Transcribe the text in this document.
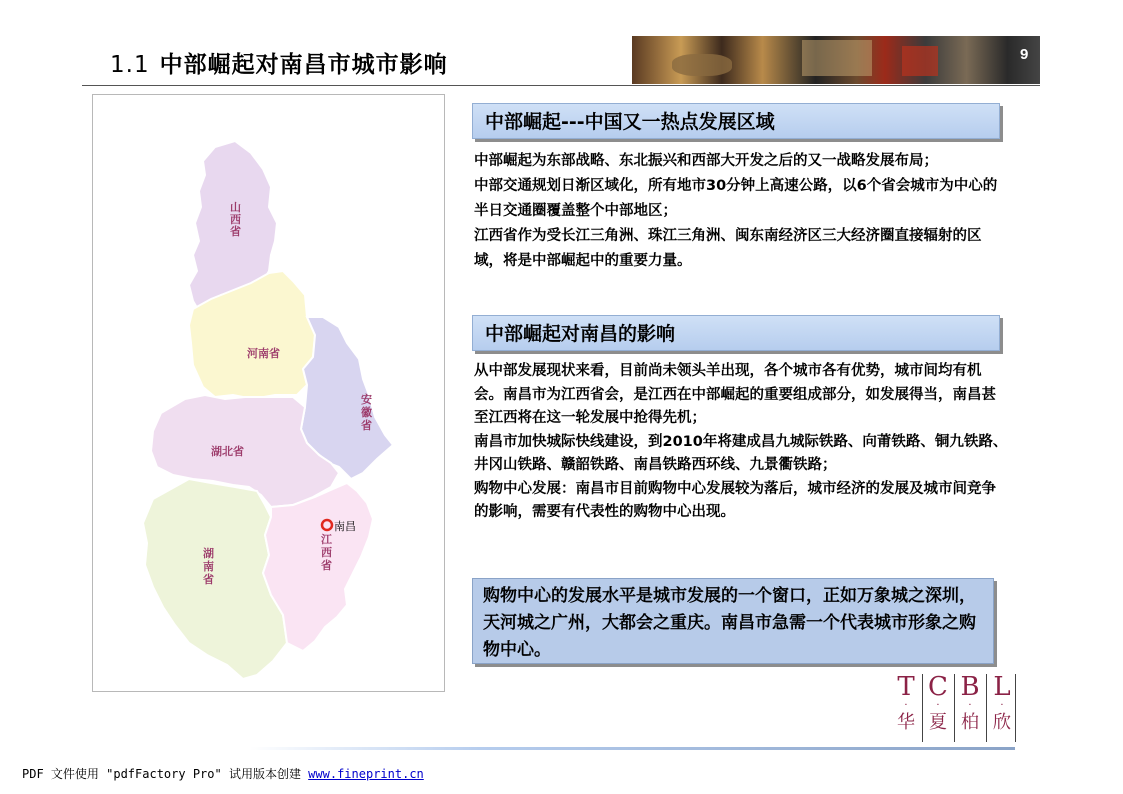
1.1 中部崛起对南昌市城市影响	9
山
西
省
河南省
安
徽
省
湖北省
湖
南
省
江
西
省
南昌
中部崛起---中国又一热点发展区域
中部崛起为东部战略、东北振兴和西部大开发之后的又一战略发展布局；
中部交通规划日渐区域化，所有地市30分钟上高速公路，以6个省会城市为中心的半日交通圈覆盖整个中部地区；
江西省作为受长江三角洲、珠江三角洲、闽东南经济区三大经济圈直接辐射的区域，将是中部崛起中的重要力量。
中部崛起对南昌的影响
从中部发展现状来看，目前尚未领头羊出现，各个城市各有优势，城市间均有机会。南昌市为江西省会，是江西在中部崛起的重要组成部分，如发展得当，南昌甚至江西将在这一轮发展中抢得先机；
南昌市加快城际快线建设，到2010年将建成昌九城际铁路、向莆铁路、铜九铁路、井冈山铁路、赣韶铁路、南昌铁路西环线、九景衢铁路；
购物中心发展：南昌市目前购物中心发展较为落后，城市经济的发展及城市间竞争的影响，需要有代表性的购物中心出现。
购物中心的发展水平是城市发展的一个窗口，正如万象城之深圳，天河城之广州，大都会之重庆。南昌市急需一个代表城市形象之购物中心。
T
·
华
C
·
夏
B
·
柏
L
·
欣
PDF 文件使用 "pdfFactory Pro" 试用版本创建 www.fineprint.cn
